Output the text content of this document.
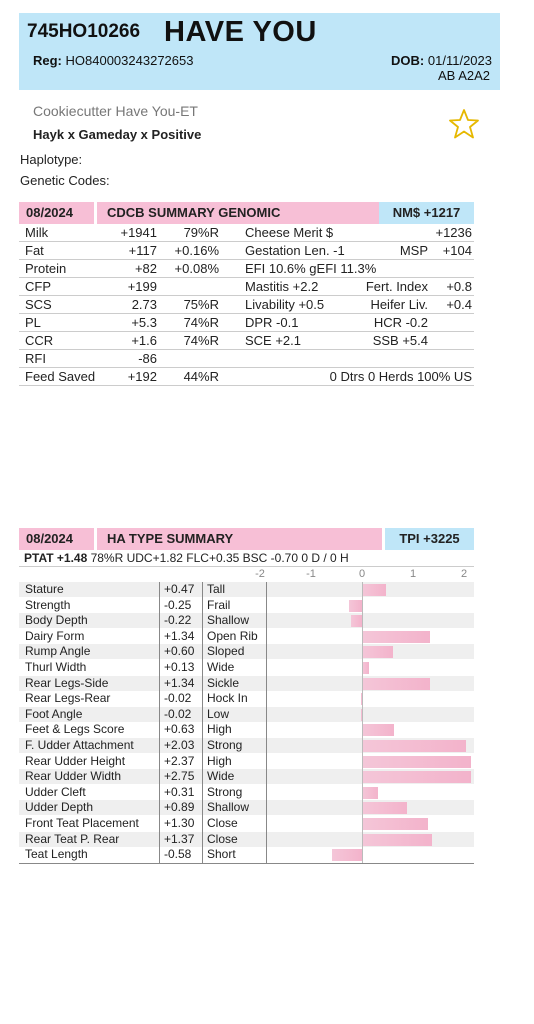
745HO10266 HAVE YOU
Reg: HO840003243272653	DOB: 01/11/2023
AB A2A2
Cookiecutter Have You-ET
Hayk x Gameday x Positive
Haplotype:
Genetic Codes:
08/2024	CDCB SUMMARY GENOMIC	NM$ +1217
Milk	+1941 79%R Cheese Merit $	+1236
Fat	+117 +0.16% Gestation Len. -1	MSP +104
Protein	+82 +0.08% EFI 10.6% gEFI 11.3%
CFP	+199	Mastitis +2.2	Fert. Index +0.8
SCS	2.73 75%R Livability +0.5	Heifer Liv. +0.4
PL	+5.3 74%R DPR -0.1	HCR -0.2
CCR	+1.6 74%R SCE +2.1	SSB +5.4
RFI	-86
Feed Saved	+192 44%R	0 Dtrs 0 Herds 100% US
08/2024	HA TYPE SUMMARY	TPI +3225
PTAT +1.48 78%R UDC+1.82 FLC+0.35 BSC -0.70 0 D / 0 H
-2	-1	0	1	2
Stature	+0.47 Tall
Strength	-0.25 Frail
Body Depth	-0.22 Shallow
Dairy Form	+1.34 Open Rib
Rump Angle	+0.60 Sloped
Thurl Width	+0.13 Wide
Rear Legs-Side	+1.34 Sickle
Rear Legs-Rear	-0.02 Hock In
Foot Angle	-0.02 Low
Feet & Legs Score	+0.63 High
F. Udder Attachment	+2.03 Strong
Rear Udder Height	+2.37 High
Rear Udder Width	+2.75 Wide
Udder Cleft	+0.31 Strong
Udder Depth	+0.89 Shallow
Front Teat Placement +1.30 Close
Rear Teat P. Rear	+1.37 Close
Teat Length	-0.58 Short
